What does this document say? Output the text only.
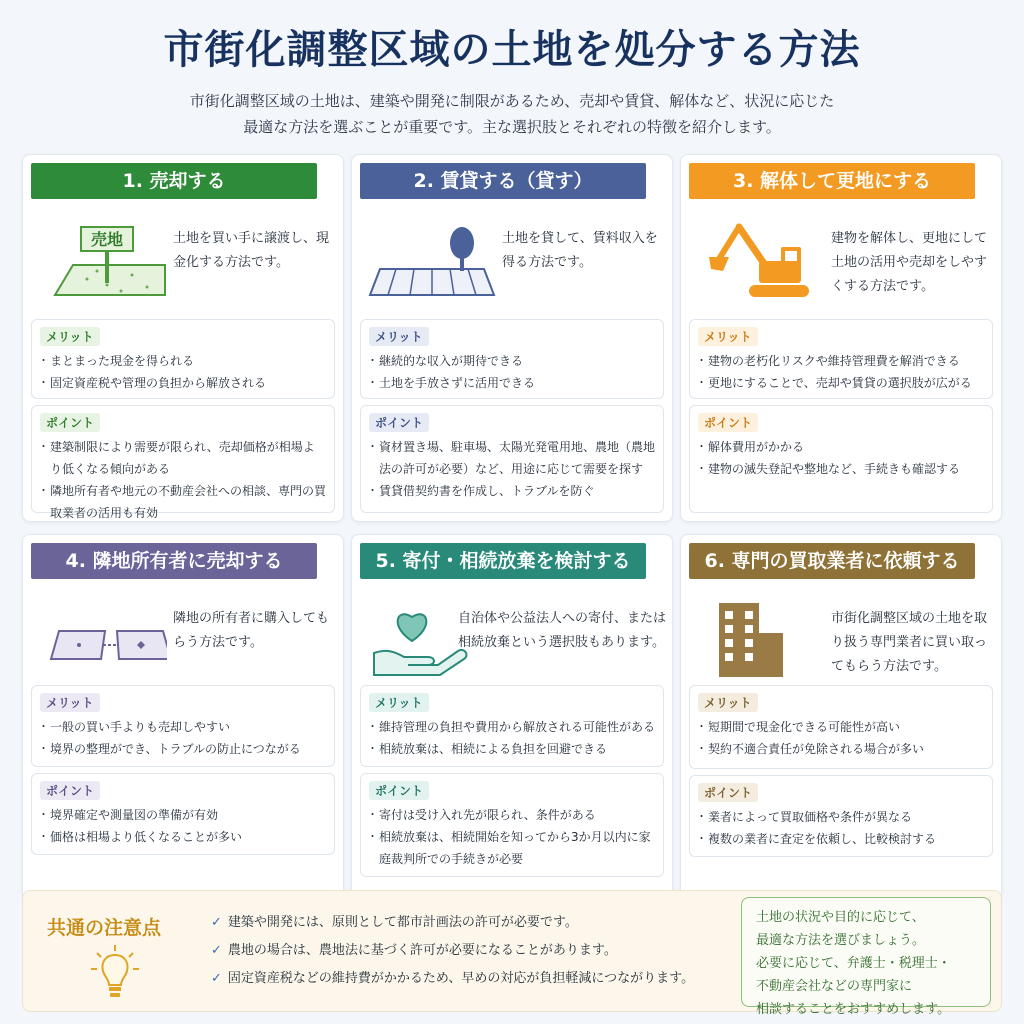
市街化調整区域の土地を処分する方法
市街化調整区域の土地は、建築や開発に制限があるため、売却や賃貸、解体など、状況に応じた
最適な方法を選ぶことが重要です。主な選択肢とそれぞれの特徴を紹介します。
1. 売却する
売地	土地を買い手に譲渡し、現金化する方法です。
メリット
・ まとまった現金を得られる
・ 固定資産税や管理の負担から解放される
ポイント
・ 建築制限により需要が限られ、売却価格が相場より低くなる傾向がある
・ 隣地所有者や地元の不動産会社への相談、専門の買取業者の活用も有効
2. 賃貸する（貸す）
土地を貸して、賃料収入を得る方法です。
メリット
・ 継続的な収入が期待できる
・ 土地を手放さずに活用できる
ポイント
・ 資材置き場、駐車場、太陽光発電用地、農地（農地法の許可が必要）など、用途に応じて需要を探す
・ 賃貸借契約書を作成し、トラブルを防ぐ
3. 解体して更地にする
建物を解体し、更地にして土地の活用や売却をしやすくする方法です。
メリット
・ 建物の老朽化リスクや維持管理費を解消できる
・ 更地にすることで、売却や賃貸の選択肢が広がる
ポイント
・ 解体費用がかかる
・ 建物の滅失登記や整地など、手続きも確認する
4. 隣地所有者に売却する
隣地の所有者に購入してもらう方法です。
メリット
・ 一般の買い手よりも売却しやすい
・ 境界の整理ができ、トラブルの防止につながる
ポイント
・ 境界確定や測量図の準備が有効
・ 価格は相場より低くなることが多い
5. 寄付・相続放棄を検討する
自治体や公益法人への寄付、または相続放棄という選択肢もあります。
メリット
・ 維持管理の負担や費用から解放される可能性がある
・ 相続放棄は、相続による負担を回避できる
ポイント
・ 寄付は受け入れ先が限られ、条件がある
・ 相続放棄は、相続開始を知ってから3か月以内に家庭裁判所での手続きが必要
6. 専門の買取業者に依頼する
市街化調整区域の土地を取り扱う専門業者に買い取ってもらう方法です。
メリット
・ 短期間で現金化できる可能性が高い
・ 契約不適合責任が免除される場合が多い
ポイント
・ 業者によって買取価格や条件が異なる
・ 複数の業者に査定を依頼し、比較検討する
共通の注意点	✓ 建築や開発には、原則として都市計画法の許可が必要です。
✓ 農地の場合は、農地法に基づく許可が必要になることがあります。
✓ 固定資産税などの維持費がかかるため、早めの対応が負担軽減につながります。
土地の状況や目的に応じて、
最適な方法を選びましょう。
必要に応じて、弁護士・税理士・
不動産会社などの専門家に
相談することをおすすめします。
